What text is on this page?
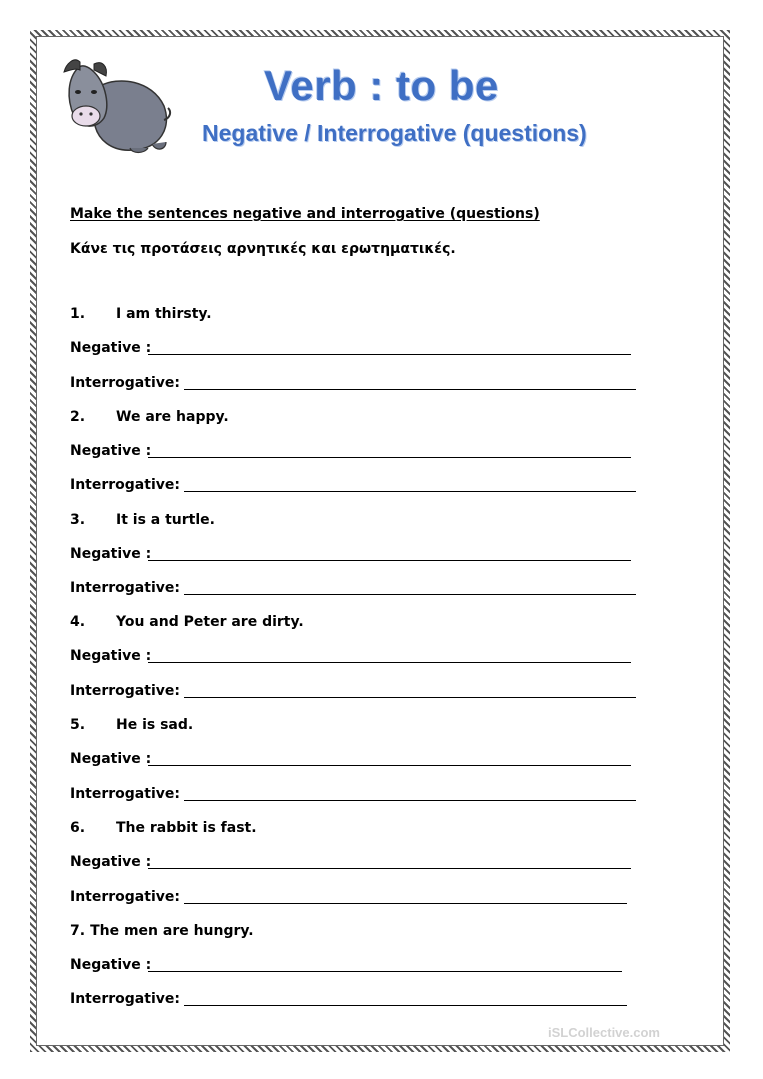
Verb : to be
Negative / Interrogative (questions)
Make the sentences negative and interrogative (questions)
Κάνε τις προτάσεις αρνητικές και ερωτηματικές.
1. I am thirsty.
Negative :
Interrogative:
2. We are happy.
Negative :
Interrogative:
3. It is a turtle.
Negative :
Interrogative:
4. You and Peter are dirty.
Negative :
Interrogative:
5. He is sad.
Negative :
Interrogative:
6. The rabbit is fast.
Negative :
Interrogative:
7. The men are hungry.
Negative :
Interrogative:
iSLCollective.com
